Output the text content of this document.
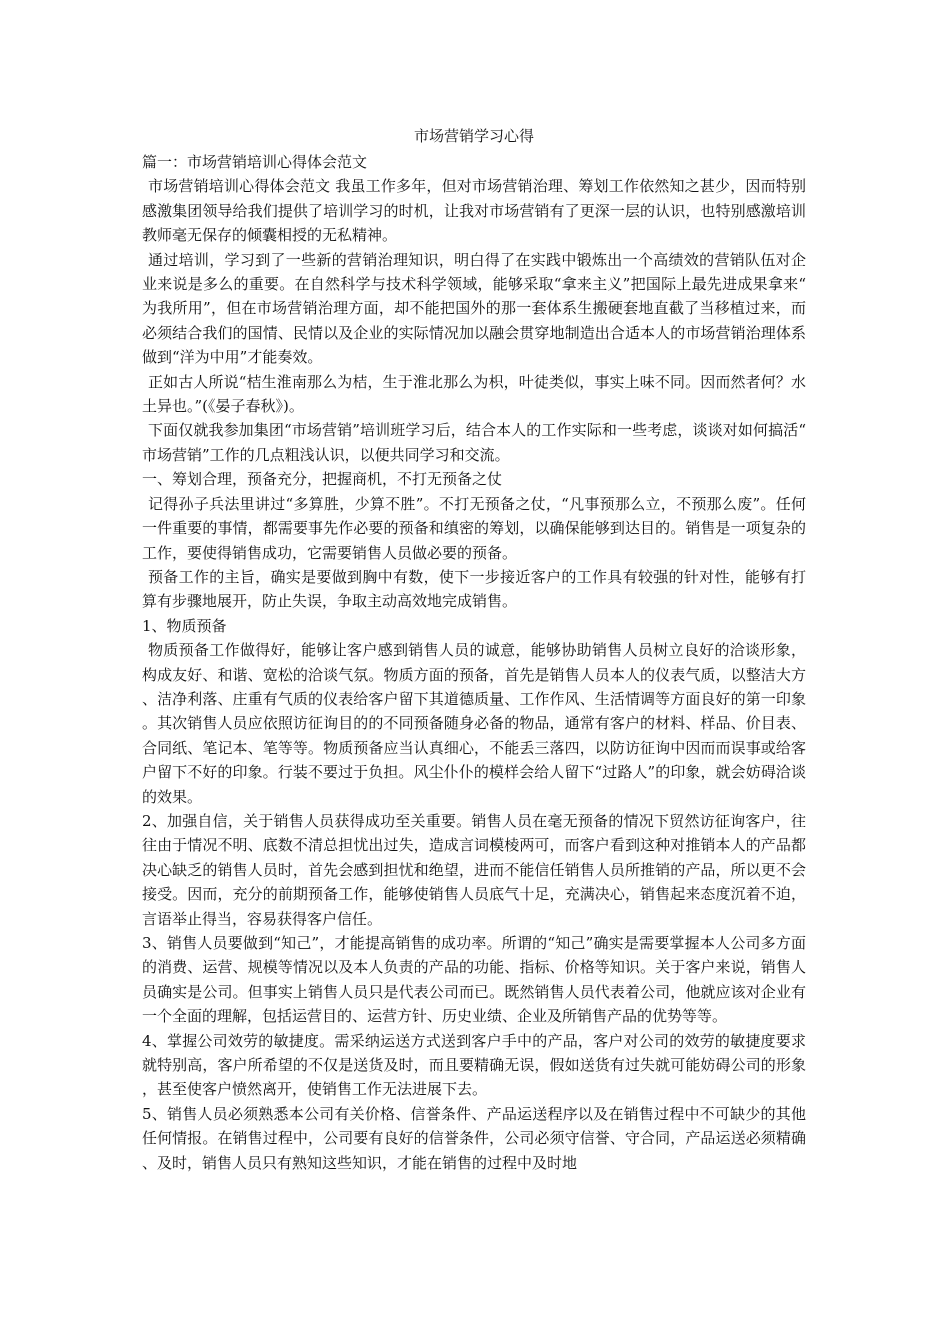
市场营销学习心得

篇一：市场营销培训心得体会范文

市场营销培训心得体会范文 我虽工作多年，但对市场营销治理、筹划工作依然知之甚少，因而特别感激集团领导给我们提供了培训学习的时机，让我对市场营销有了更深一层的认识，也特别感激培训教师毫无保存的倾囊相授的无私精神。

通过培训，学习到了一些新的营销治理知识，明白得了在实践中锻炼出一个高绩效的营销队伍对企业来说是多么的重要。在自然科学与技术科学领域，能够采取“拿来主义”把国际上最先进成果拿来“为我所用”，但在市场营销治理方面，却不能把国外的那一套体系生搬硬套地直截了当移植过来，而必须结合我们的国情、民情以及企业的实际情况加以融会贯穿地制造出合适本人的市场营销治理体系做到“洋为中用”才能奏效。

正如古人所说“桔生淮南那么为桔，生于淮北那么为枳，叶徒类似，事实上味不同。因而然者何？水土异也。”(《晏子春秋》)。

下面仅就我参加集团“市场营销”培训班学习后，结合本人的工作实际和一些考虑，谈谈对如何搞活“市场营销”工作的几点粗浅认识，以便共同学习和交流。

一、筹划合理，预备充分，把握商机，不打无预备之仗

记得孙子兵法里讲过“多算胜，少算不胜”。不打无预备之仗，“凡事预那么立，不预那么废”。任何一件重要的事情，都需要事先作必要的预备和缜密的筹划，以确保能够到达目的。销售是一项复杂的工作，要使得销售成功，它需要销售人员做必要的预备。

预备工作的主旨，确实是要做到胸中有数，使下一步接近客户的工作具有较强的针对性，能够有打算有步骤地展开，防止失误，争取主动高效地完成销售。

1、物质预备

物质预备工作做得好，能够让客户感到销售人员的诚意，能够协助销售人员树立良好的洽谈形象，构成友好、和谐、宽松的洽谈气氛。物质方面的预备，首先是销售人员本人的仪表气质，以整洁大方、洁净利落、庄重有气质的仪表给客户留下其道德质量、工作作风、生活情调等方面良好的第一印象。其次销售人员应依照访征询目的的不同预备随身必备的物品，通常有客户的材料、样品、价目表、合同纸、笔记本、笔等等。物质预备应当认真细心，不能丢三落四，以防访征询中因而而误事或给客户留下不好的印象。行装不要过于负担。风尘仆仆的模样会给人留下“过路人”的印象，就会妨碍洽谈的效果。

2、加强自信，关于销售人员获得成功至关重要。销售人员在毫无预备的情况下贸然访征询客户，往往由于情况不明、底数不清总担忧出过失，造成言词模棱两可，而客户看到这种对推销本人的产品都决心缺乏的销售人员时，首先会感到担忧和绝望，进而不能信任销售人员所推销的产品，所以更不会接受。因而，充分的前期预备工作，能够使销售人员底气十足，充满决心，销售起来态度沉着不迫，言语举止得当，容易获得客户信任。

3、销售人员要做到“知己”，才能提高销售的成功率。所谓的“知己”确实是需要掌握本人公司多方面的消费、运营、规模等情况以及本人负责的产品的功能、指标、价格等知识。关于客户来说，销售人员确实是公司。但事实上销售人员只是代表公司而已。既然销售人员代表着公司，他就应该对企业有一个全面的理解，包括运营目的、运营方针、历史业绩、企业及所销售产品的优势等等。

4、掌握公司效劳的敏捷度。需采纳运送方式送到客户手中的产品，客户对公司的效劳的敏捷度要求就特别高，客户所希望的不仅是送货及时，而且要精确无误，假如送货有过失就可能妨碍公司的形象，甚至使客户愤然离开，使销售工作无法进展下去。

5、销售人员必须熟悉本公司有关价格、信誉条件、产品运送程序以及在销售过程中不可缺少的其他任何情报。在销售过程中，公司要有良好的信誉条件，公司必须守信誉、守合同，产品运送必须精确、及时，销售人员只有熟知这些知识，才能在销售的过程中及时地
